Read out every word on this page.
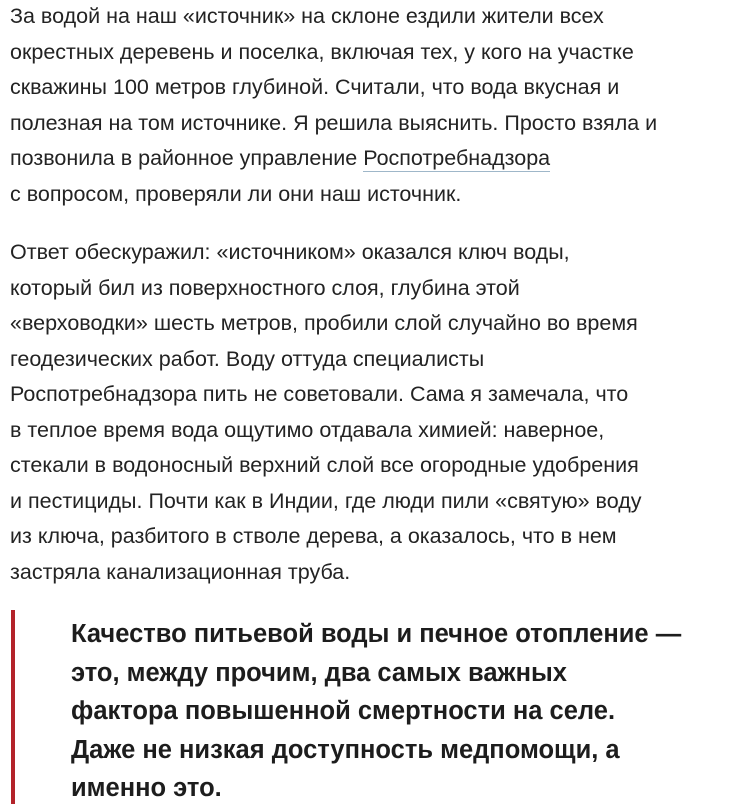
За водой на наш «источник» на склоне ездили жители всех
окрестных деревень и поселка, включая тех, у кого на участке
скважины 100 метров глубиной. Считали, что вода вкусная и
полезная на том источнике. Я решила выяснить. Просто взяла и
позвонила в районное управление Роспотребнадзора
с вопросом, проверяли ли они наш источник.

Ответ обескуражил: «источником» оказался ключ воды,
который бил из поверхностного слоя, глубина этой
«верховодки» шесть метров, пробили слой случайно во время
геодезических работ. Воду оттуда специалисты
Роспотребнадзора пить не советовали. Сама я замечала, что
в теплое время вода ощутимо отдавала химией: наверное,
стекали в водоносный верхний слой все огородные удобрения
и пестициды. Почти как в Индии, где люди пили «святую» воду
из ключа, разбитого в стволе дерева, а оказалось, что в нем
застряла канализационная труба.

Качество питьевой воды и печное отопление —
это, между прочим, два самых важных
фактора повышенной смертности на селе.
Даже не низкая доступность медпомощи, а
именно это.
